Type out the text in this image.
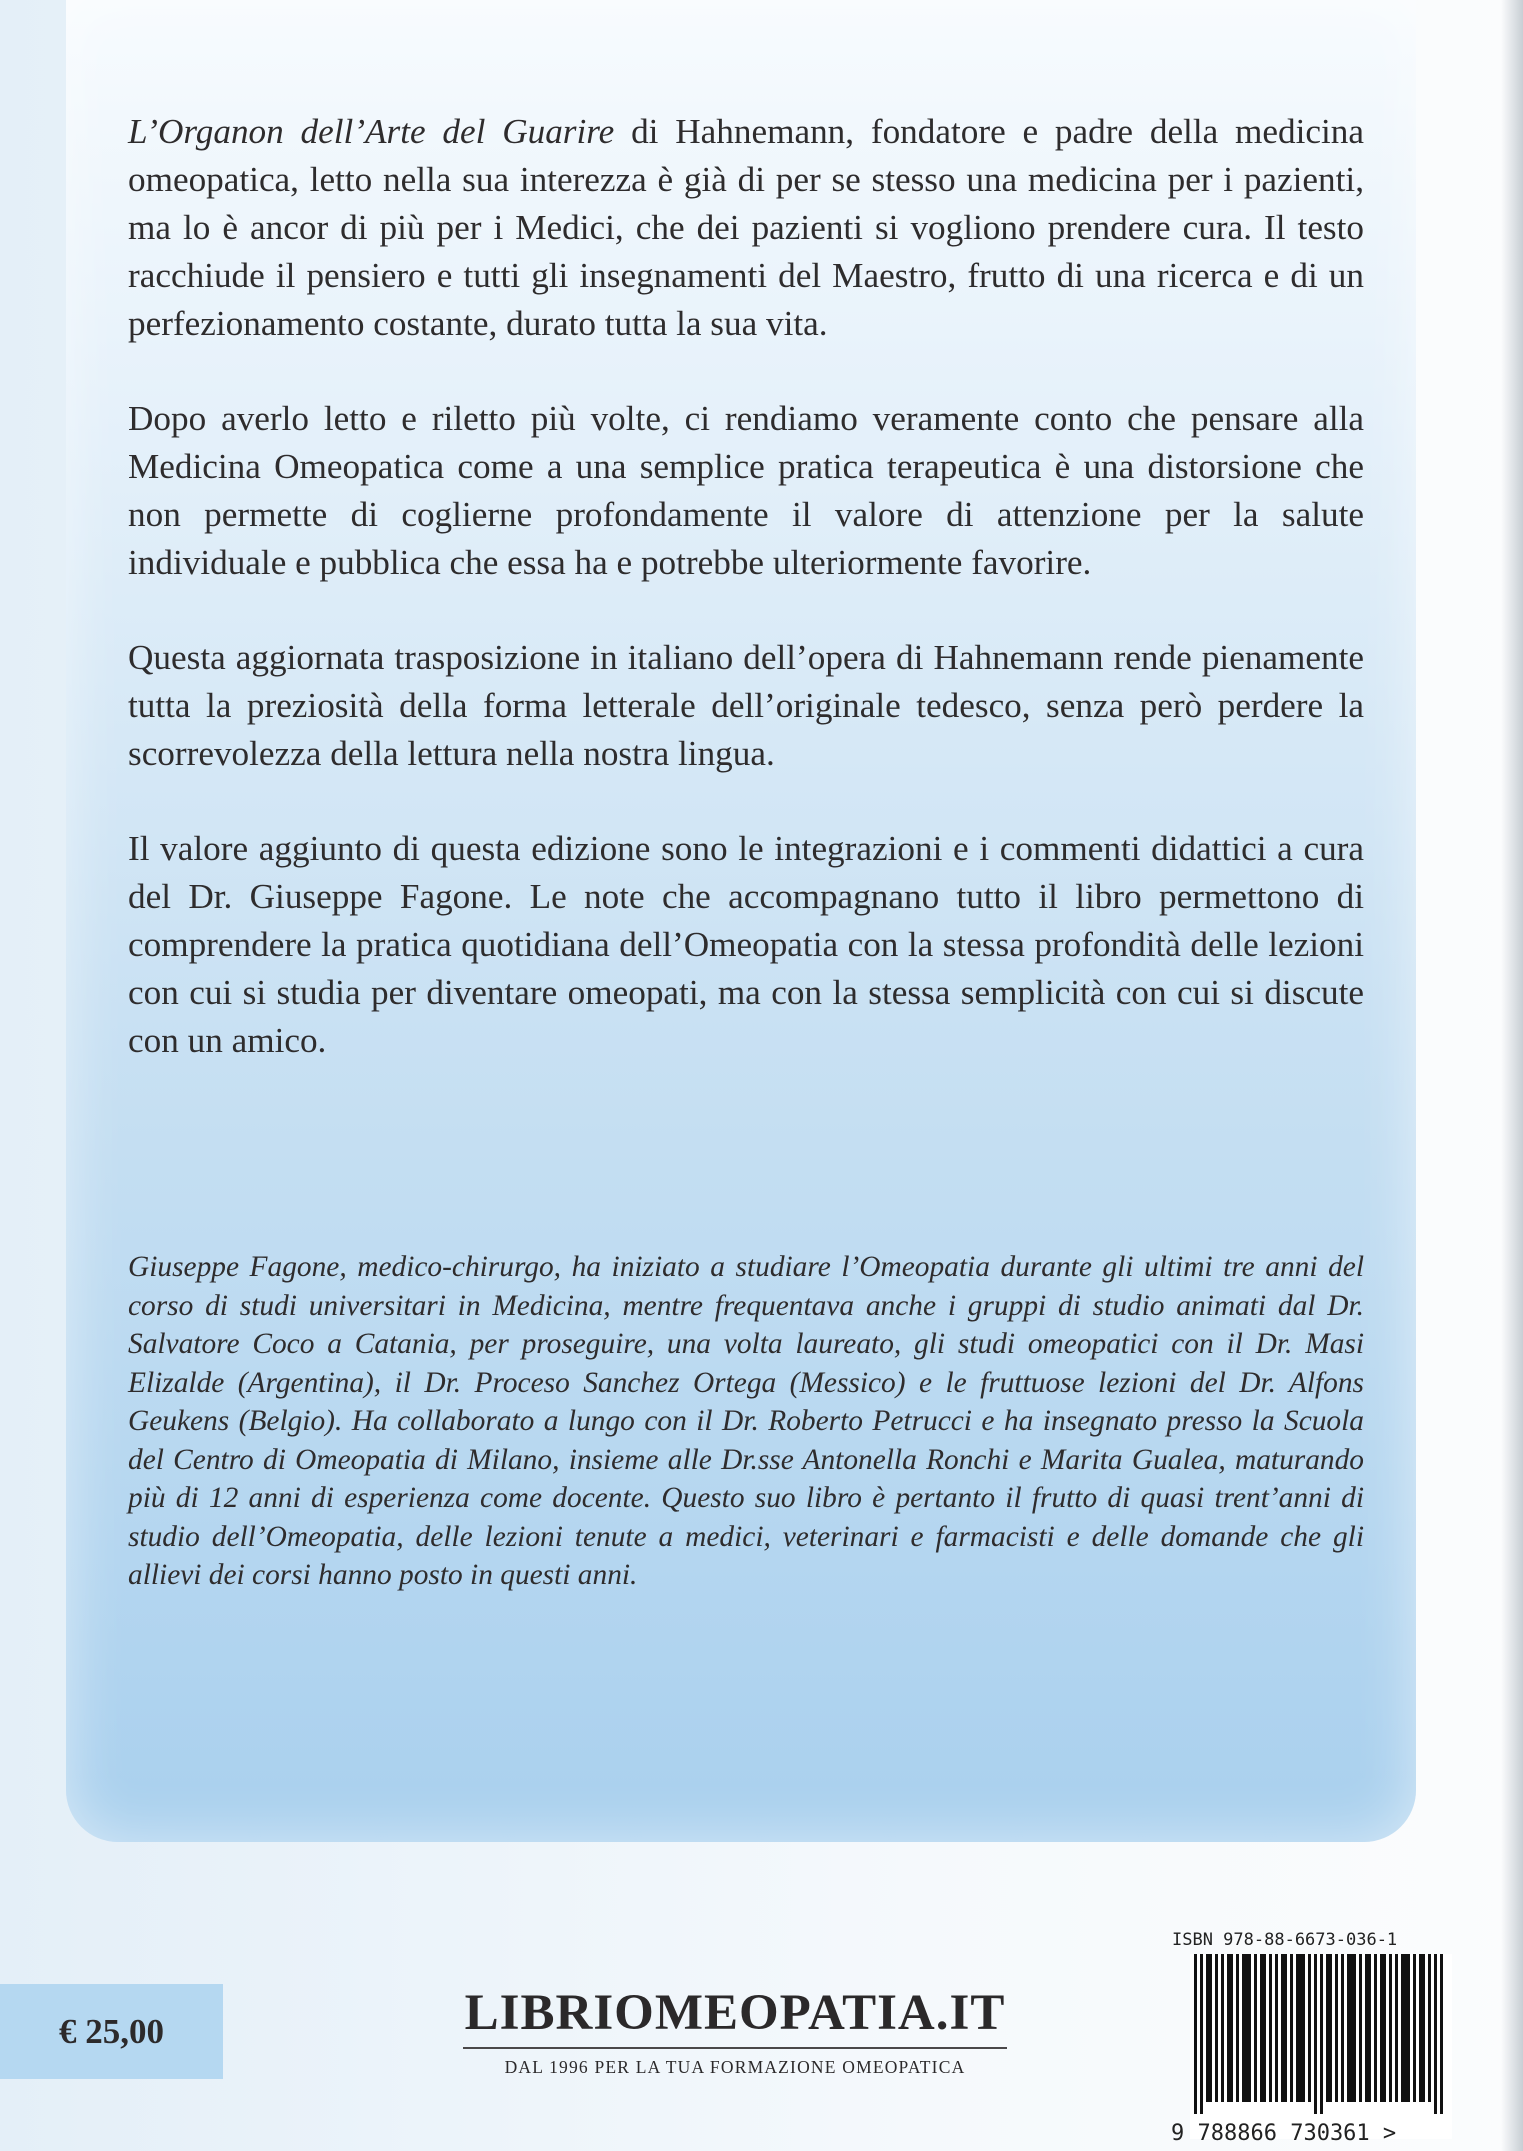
L’Organon dell’Arte del Guarire di Hahnemann, fondatore e padre della medicina omeopatica, letto nella sua interezza è già di per se stesso una medicina per i pazienti, ma lo è ancor di più per i Medici, che dei pazienti si vogliono prendere cura. Il testo racchiude il pensiero e tutti gli insegnamenti del Maestro, frutto di una ricerca e di un perfezionamento costante, durato tutta la sua vita.

Dopo averlo letto e riletto più volte, ci rendiamo veramente conto che pensare alla Medicina Omeopatica come a una semplice pratica terapeutica è una distorsione che non permette di coglierne profondamente il valore di attenzione per la salute individuale e pubblica che essa ha e potrebbe ulteriormente favorire.

Questa aggiornata trasposizione in italiano dell’opera di Hahnemann rende pienamente tutta la preziosità della forma letterale dell’originale tedesco, senza però perdere la scorrevolezza della lettura nella nostra lingua.

Il valore aggiunto di questa edizione sono le integrazioni e i commenti didattici a cura del Dr. Giuseppe Fagone. Le note che accompagnano tutto il libro permettono di comprendere la pratica quotidiana dell’Omeopatia con la stessa profondità delle lezioni con cui si studia per diventare omeopati, ma con la stessa semplicità con cui si discute con un amico.

Giuseppe Fagone, medico-chirurgo, ha iniziato a studiare l’Omeopatia durante gli ultimi tre anni del corso di studi universitari in Medicina, mentre frequentava anche i gruppi di studio animati dal Dr. Salvatore Coco a Catania, per proseguire, una volta laureato, gli studi omeopatici con il Dr. Masi Elizalde (Argentina), il Dr. Proceso Sanchez Ortega (Messico) e le fruttuose lezioni del Dr. Alfons Geukens (Belgio). Ha collaborato a lungo con il Dr. Roberto Petrucci e ha insegnato presso la Scuola del Centro di Omeopatia di Milano, insieme alle Dr.sse Antonella Ronchi e Marita Gualea, maturando più di 12 anni di esperienza come docente. Questo suo libro è pertanto il frutto di quasi trent’anni di studio dell’Omeopatia, delle lezioni tenute a medici, veterinari e farmacisti e delle domande che gli allievi dei corsi hanno posto in questi anni.

€ 25,00	LIBRIOMEOPATIA.IT
DAL 1996 PER LA TUA FORMAZIONE OMEOPATICA
ISBN 978-88-6673-036-1
9 788866 730361 >
